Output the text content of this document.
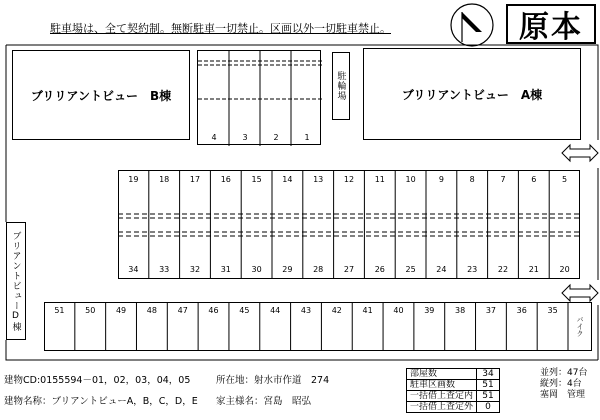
駐車場は、全て契約制。無断駐車一切禁止。区画以外一切駐車禁止。	原本
ブリリアントビュー　B棟
4	3	2	1
駐輪場	ブリリアントビュー　A棟
ブリアントビューD棟
19	18	17	16	15	14	13	12	11	10	9	8	7	6	5
34	33	32	31	30	29	28	27	26	25	24	23	22	21	20
51	50	49	48	47	46	45	44	43	42	41	40	39	38	37	36	35
バイク
建物CD:0155594－01，02，03，04，05
建物名称：ブリアントビューA，B，C，D，E
所在地：射水市作道　274
家主様名：宮島　昭弘
部屋数	34
駐車区画数	51
一括借上査定内	51
一括借上査定外	0
並列：47台
縦列：4台
塞岡　管理
